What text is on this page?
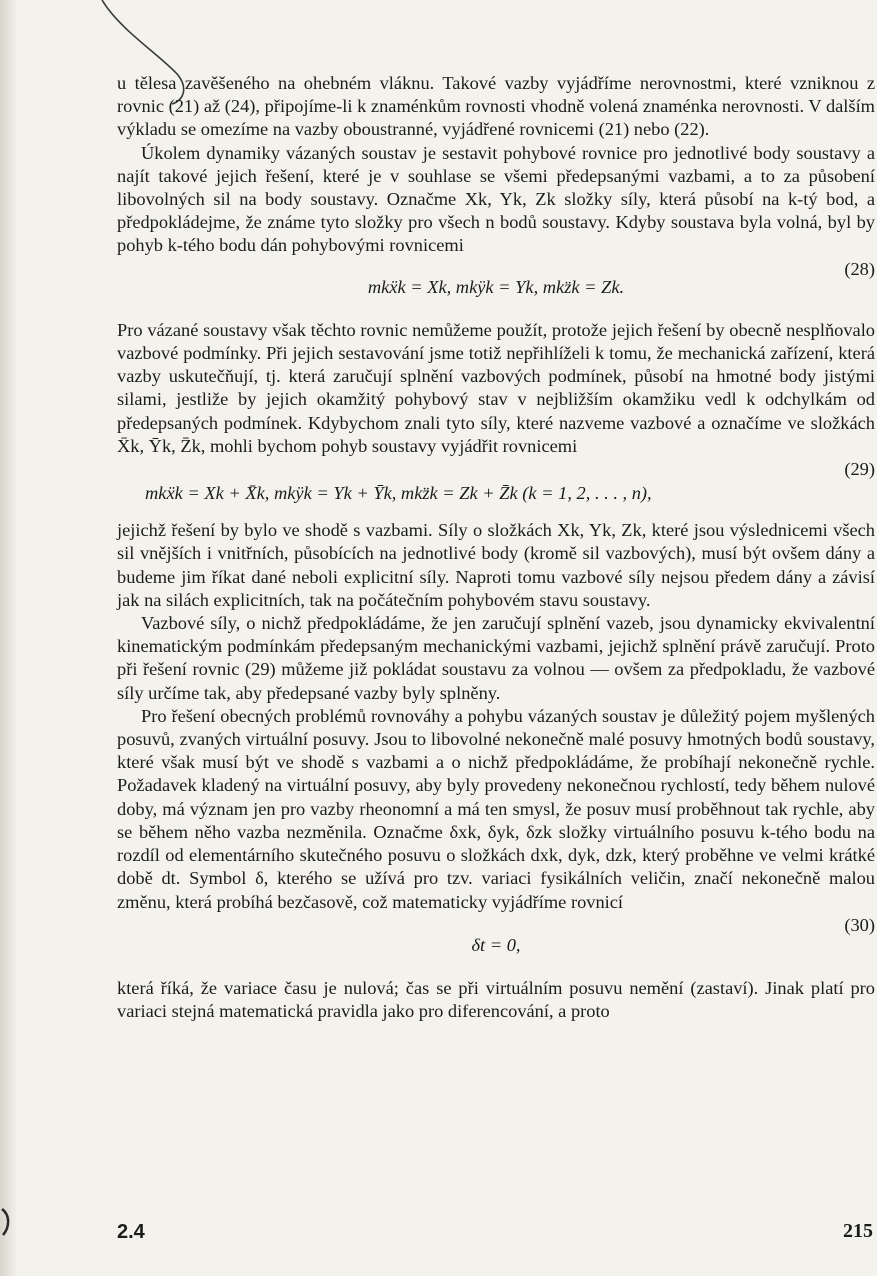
u tělesa zavěšeného na ohebném vláknu. Takové vazby vyjádříme nerovnostmi, které vzniknou z rovnic (21) až (24), připojíme-li k znaménkům rovnosti vhodně volená znaménka nerovnosti. V dalším výkladu se omezíme na vazby oboustranné, vyjádřené rovnicemi (21) nebo (22).

Úkolem dynamiky vázaných soustav je sestavit pohybové rovnice pro jednotlivé body soustavy a najít takové jejich řešení, které je v souhlase se všemi předepsanými vazbami, a to za působení libovolných sil na body soustavy. Označme Xk, Yk, Zk složky síly, která působí na k-tý bod, a předpokládejme, že známe tyto složky pro všech n bodů soustavy. Kdyby soustava byla volná, byl by pohyb k-tého bodu dán pohybovými rovnicemi

mkẍk = Xk, mkÿk = Yk, mkz̈k = Zk.
(28)

Pro vázané soustavy však těchto rovnic nemůžeme použít, protože jejich řešení by obecně nesplňovalo vazbové podmínky. Při jejich sestavování jsme totiž nepřihlíželi k tomu, že mechanická zařízení, která vazby uskutečňují, tj. která zaručují splnění vazbových podmínek, působí na hmotné body jistými silami, jestliže by jejich okamžitý pohybový stav v nejbližším okamžiku vedl k odchylkám od předepsaných podmínek. Kdybychom znali tyto síly, které nazveme vazbové a označíme ve složkách X̄k, Ȳk, Z̄k, mohli bychom pohyb soustavy vyjádřit rovnicemi

mkẍk = Xk + X̄k, mkÿk = Yk + Ȳk, mkz̈k = Zk + Z̄k (k = 1, 2, . . . , n),
(29)

jejichž řešení by bylo ve shodě s vazbami. Síly o složkách Xk, Yk, Zk, které jsou výslednicemi všech sil vnějších i vnitřních, působících na jednotlivé body (kromě sil vazbových), musí být ovšem dány a budeme jim říkat dané neboli explicitní síly. Naproti tomu vazbové síly nejsou předem dány a závisí jak na silách explicitních, tak na počátečním pohybovém stavu soustavy.

Vazbové síly, o nichž předpokládáme, že jen zaručují splnění vazeb, jsou dynamicky ekvivalentní kinematickým podmínkám předepsaným mechanickými vazbami, jejichž splnění právě zaručují. Proto při řešení rovnic (29) můžeme již pokládat soustavu za volnou — ovšem za předpokladu, že vazbové síly určíme tak, aby předepsané vazby byly splněny.

Pro řešení obecných problémů rovnováhy a pohybu vázaných soustav je důležitý pojem myšlených posuvů, zvaných virtuální posuvy. Jsou to libovolné nekonečně malé posuvy hmotných bodů soustavy, které však musí být ve shodě s vazbami a o nichž předpokládáme, že probíhají nekonečně rychle. Požadavek kladený na virtuální posuvy, aby byly provedeny nekonečnou rychlostí, tedy během nulové doby, má význam jen pro vazby rheonomní a má ten smysl, že posuv musí proběhnout tak rychle, aby se během něho vazba nezměnila. Označme δxk, δyk, δzk složky virtuálního posuvu k-tého bodu na rozdíl od elementárního skutečného posuvu o složkách dxk, dyk, dzk, který proběhne ve velmi krátké době dt. Symbol δ, kterého se užívá pro tzv. variaci fysikálních veličin, značí nekonečně malou změnu, která probíhá bezčasově, což matematicky vyjádříme rovnicí

δt = 0,
(30)

která říká, že variace času je nulová; čas se při virtuálním posuvu nemění (zastaví). Jinak platí pro variaci stejná matematická pravidla jako pro diferencování, a proto

2.4	215
